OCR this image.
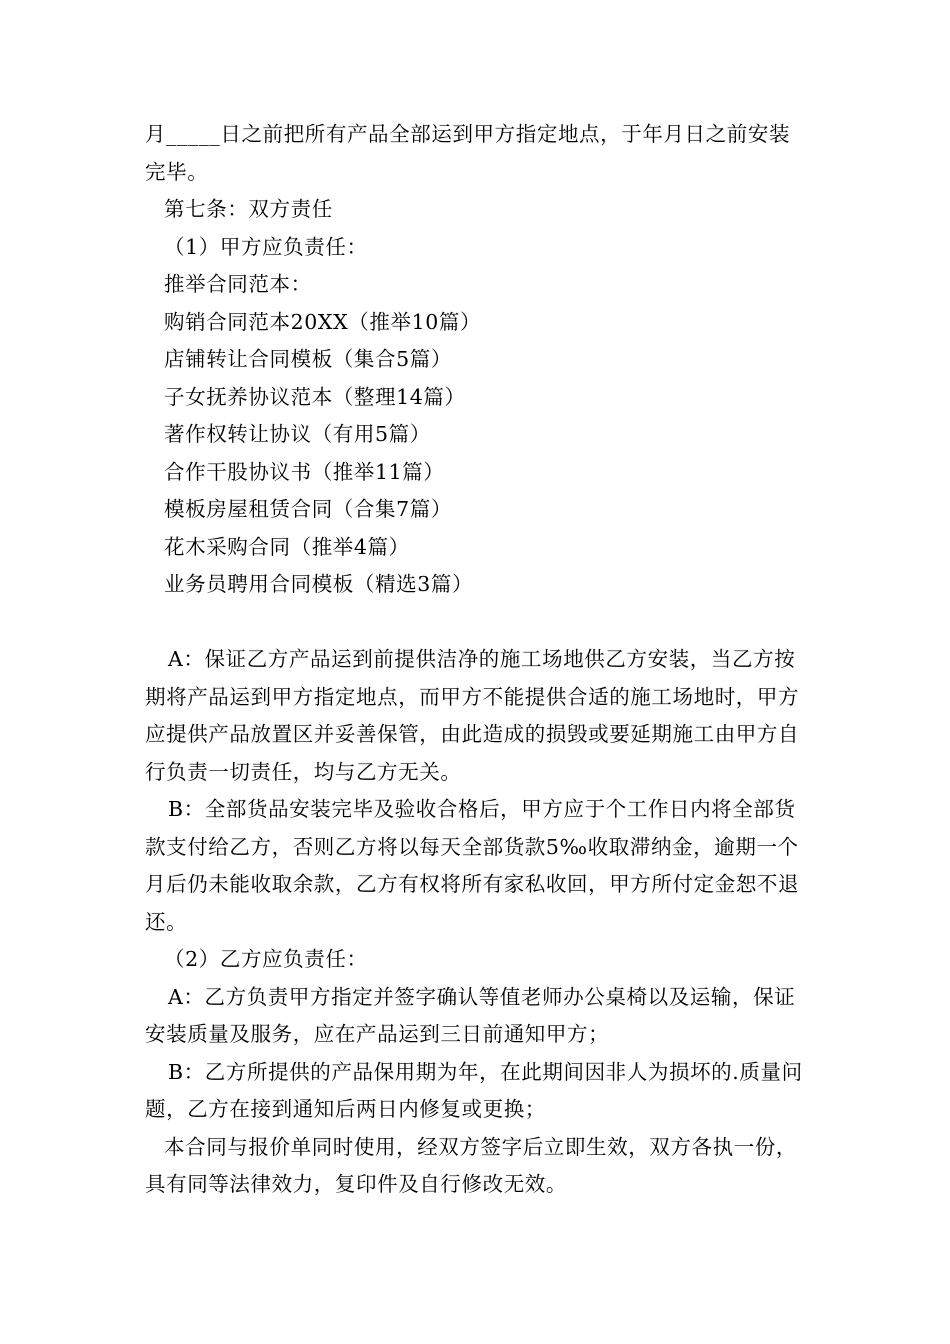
月_____日之前把所有产品全部运到甲方指定地点，于年月日之前安装完毕。

第七条：双方责任

（1）甲方应负责任：

推举合同范本：

购销合同范本20XX（推举10篇）

店铺转让合同模板（集合5篇）

子女抚养协议范本（整理14篇）

著作权转让协议（有用5篇）

合作干股协议书（推举11篇）

模板房屋租赁合同（合集7篇）

花木采购合同（推举4篇）

业务员聘用合同模板（精选3篇）

A：保证乙方产品运到前提供洁净的施工场地供乙方安装，当乙方按期将产品运到甲方指定地点，而甲方不能提供合适的施工场地时，甲方应提供产品放置区并妥善保管，由此造成的损毁或要延期施工由甲方自行负责一切责任，均与乙方无关。

B：全部货品安装完毕及验收合格后，甲方应于个工作日内将全部货款支付给乙方，否则乙方将以每天全部货款5‰收取滞纳金，逾期一个月后仍未能收取余款，乙方有权将所有家私收回，甲方所付定金恕不退还。

（2）乙方应负责任：

A：乙方负责甲方指定并签字确认等值老师办公桌椅以及运输，保证安装质量及服务，应在产品运到三日前通知甲方；

B：乙方所提供的产品保用期为年，在此期间因非人为损坏的.质量问题，乙方在接到通知后两日内修复或更换；

本合同与报价单同时使用，经双方签字后立即生效，双方各执一份，具有同等法律效力，复印件及自行修改无效。
